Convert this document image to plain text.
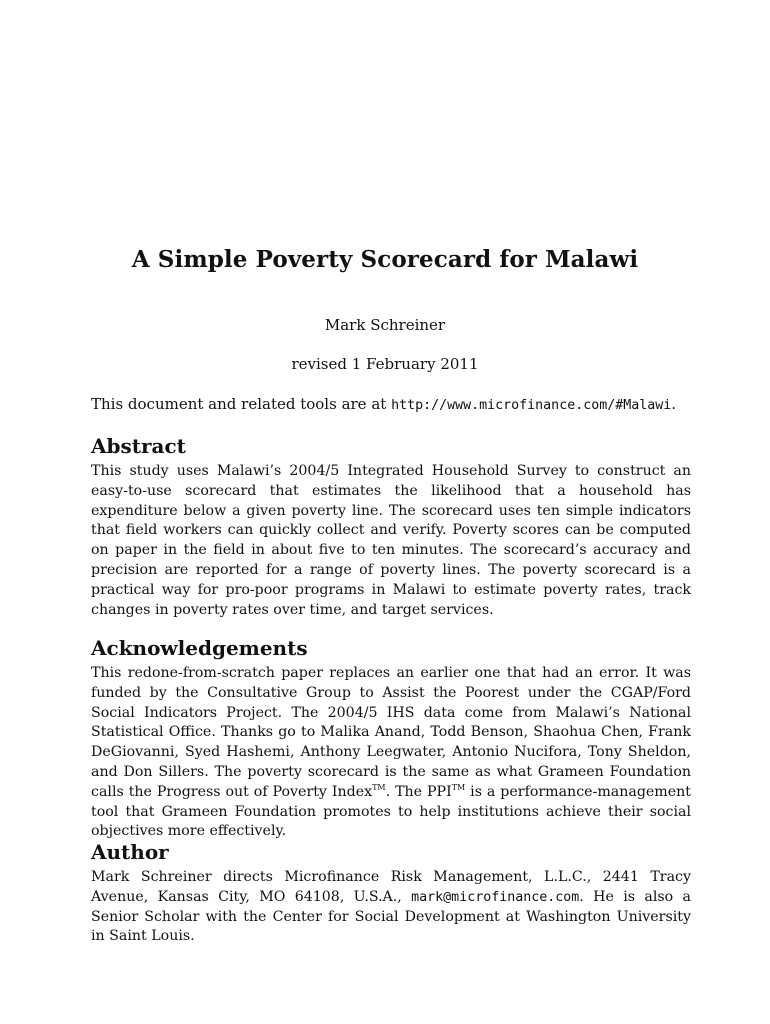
A Simple Poverty Scorecard for Malawi

Mark Schreiner

revised 1 February 2011

This document and related tools are at http://www.microfinance.com/#Malawi.

Abstract

This study uses Malawi’s 2004/5 Integrated Household Survey to construct an easy-to-use scorecard that estimates the likelihood that a household has expenditure below a given poverty line. The scorecard uses ten simple indicators that field workers can quickly collect and verify. Poverty scores can be computed on paper in the field in about five to ten minutes. The scorecard’s accuracy and precision are reported for a range of poverty lines. The poverty scorecard is a practical way for pro-poor programs in Malawi to estimate poverty rates, track changes in poverty rates over time, and target services.

Acknowledgements

This redone-from-scratch paper replaces an earlier one that had an error. It was funded by the Consultative Group to Assist the Poorest under the CGAP/Ford Social Indicators Project. The 2004/5 IHS data come from Malawi’s National Statistical Office. Thanks go to Malika Anand, Todd Benson, Shaohua Chen, Frank DeGiovanni, Syed Hashemi, Anthony Leegwater, Antonio Nucifora, Tony Sheldon, and Don Sillers. The poverty scorecard is the same as what Grameen Foundation calls the Progress out of Poverty Index™. The PPI™ is a performance-management tool that Grameen Foundation promotes to help institutions achieve their social objectives more effectively.

Author

Mark Schreiner directs Microfinance Risk Management, L.L.C., 2441 Tracy Avenue, Kansas City, MO 64108, U.S.A., mark@microfinance.com. He is also a Senior Scholar with the Center for Social Development at Washington University in Saint Louis.
